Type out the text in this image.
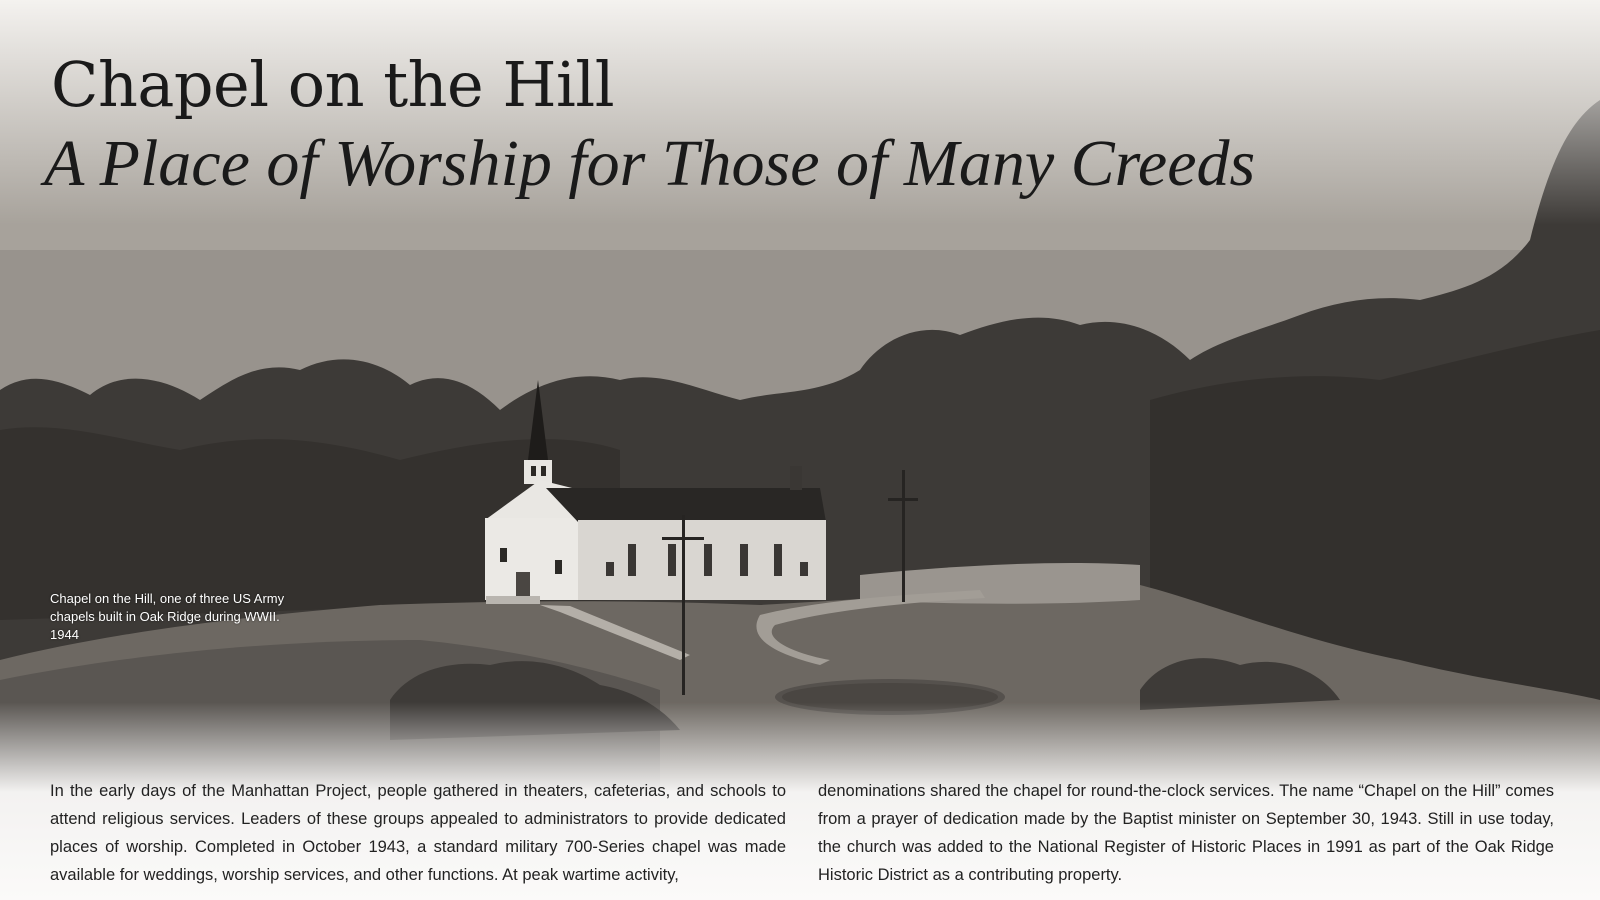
Chapel on the Hill
A Place of Worship for Those of Many Creeds
Chapel on the Hill, one of three US Army chapels built in Oak Ridge during WWII. 1944

In the early days of the Manhattan Project, people gathered in theaters, cafeterias, and schools to attend religious services. Leaders of these groups appealed to administrators to provide dedicated places of worship. Completed in October 1943, a standard military 700-Series chapel was made available for weddings, worship services, and other functions. At peak wartime activity,

denominations shared the chapel for round-the-clock services. The name “Chapel on the Hill” comes from a prayer of dedication made by the Baptist minister on September 30, 1943. Still in use today, the church was added to the National Register of Historic Places in 1991 as part of the Oak Ridge Historic District as a contributing property.
